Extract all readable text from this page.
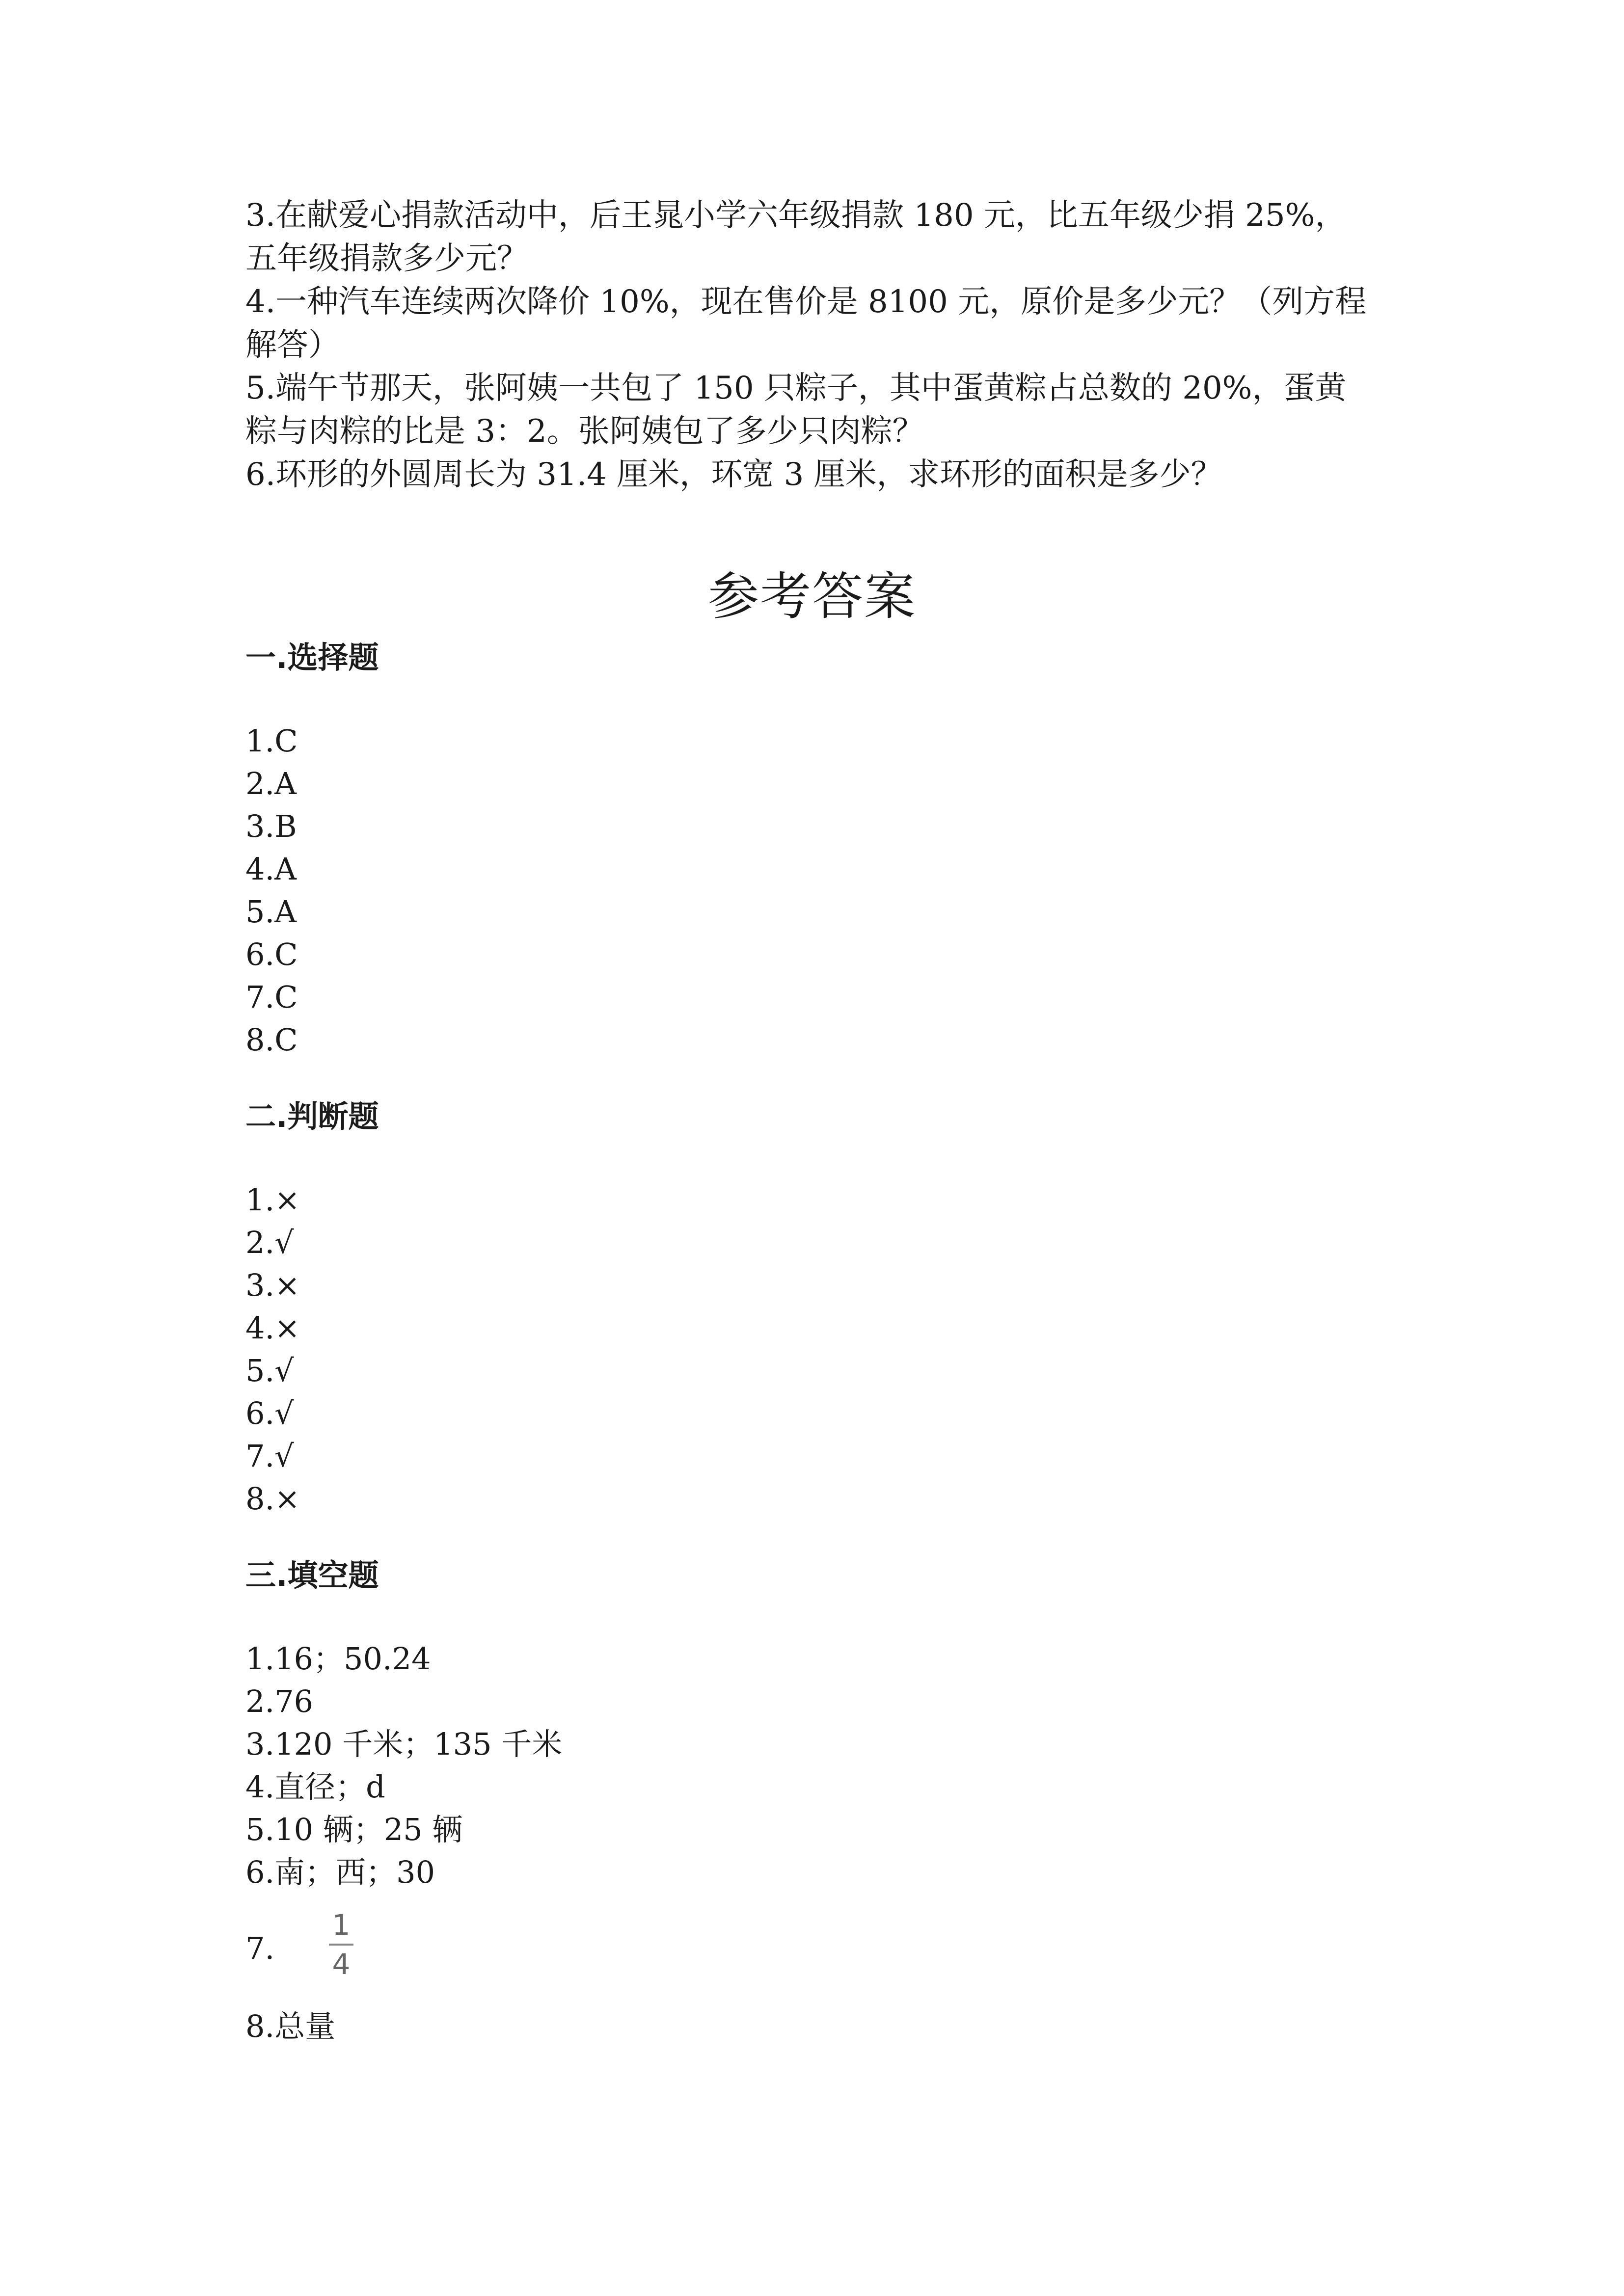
3.在献爱心捐款活动中，后王晁小学六年级捐款 180 元，比五年级少捐 25%，

五年级捐款多少元？

4.一种汽车连续两次降价 10%，现在售价是 8100 元，原价是多少元？（列方程

解答）

5.端午节那天，张阿姨一共包了 150 只粽子，其中蛋黄粽占总数的 20%，蛋黄

粽与肉粽的比是 3：2。张阿姨包了多少只肉粽？

6.环形的外圆周长为 31.4 厘米，环宽 3 厘米，求环形的面积是多少？

参考答案
一.选择题
1.C
2.A
3.B
4.A
5.A
6.C
7.C
8.C
二.判断题
1.×
2.√
3.×
4.×
5.√
6.√
7.√
8.×
三.填空题
1.16；50.24
2.76
3.120 千米；135 千米
4.直径；d
5.10 辆；25 辆
6.南；西；30
7.
1
4
8.总量
